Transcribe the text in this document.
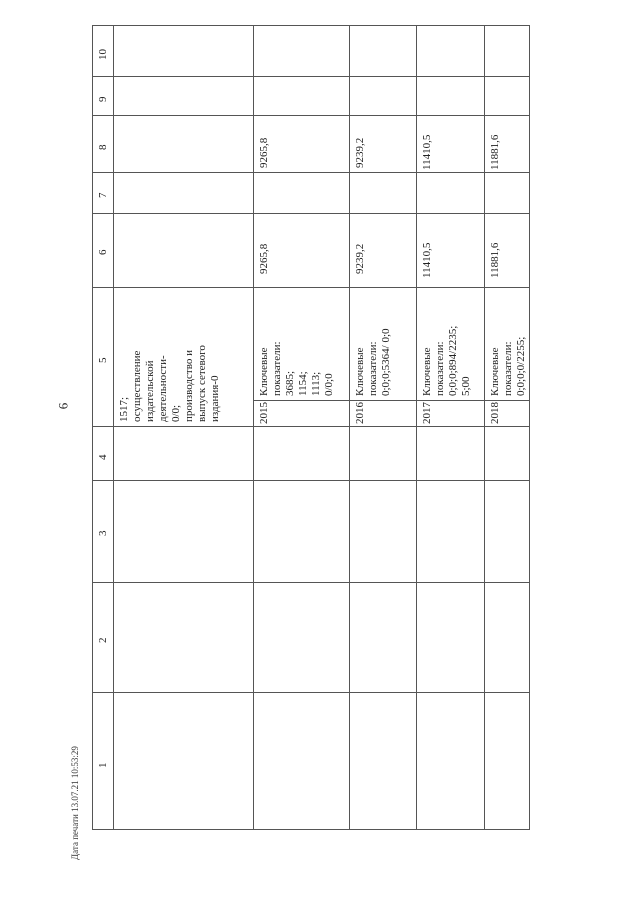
1
2
3
4
5
6
7
8
9
10
1517; осуществление издательской деятельности- 0/0; производство и выпуск сетевого издания-0	2015
Ключевые показатели: 3685; 1154; 1113; 0/0;0
9265,8
9265,8
2016
Ключевые показатели: 0;0;0;5364/ 0;0
9239,2
9239,2
2017
Ключевые показатели: 0;0;0;894/2235; 5;00
11410,5
11410,5
2018
Ключевые показатели: 0;0;0;0/2255;
11881,6
11881,6
6
Дата печати 13.07.21 10:53:29
